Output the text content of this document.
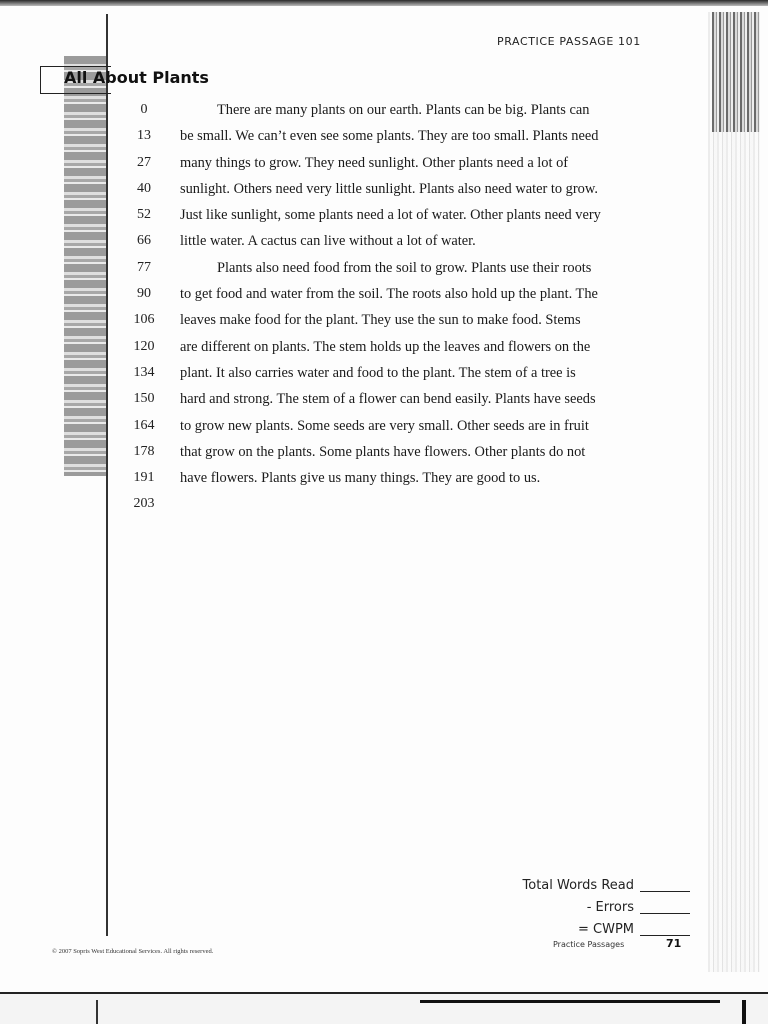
PRACTICE PASSAGE 101
All About Plants
0
13
27
40
52
66
77
90
106
120
134
150
164
178
191
203
There are many plants on our earth. Plants can be big. Plants can
be small. We can’t even see some plants. They are too small. Plants need
many things to grow. They need sunlight. Other plants need a lot of
sunlight. Others need very little sunlight. Plants also need water to grow.
Just like sunlight, some plants need a lot of water. Other plants need very
little water. A cactus can live without a lot of water.
Plants also need food from the soil to grow. Plants use their roots
to get food and water from the soil. The roots also hold up the plant. The
leaves make food for the plant. They use the sun to make food. Stems
are different on plants. The stem holds up the leaves and flowers on the
plant. It also carries water and food to the plant. The stem of a tree is
hard and strong. The stem of a flower can bend easily. Plants have seeds
to grow new plants. Some seeds are very small. Other seeds are in fruit
that grow on the plants. Some plants have flowers. Other plants do not
have flowers. Plants give us many things. They are good to us.
Total Words Read
- Errors
= CWPM
© 2007 Sopris West Educational Services. All rights reserved.
Practice Passages	71
